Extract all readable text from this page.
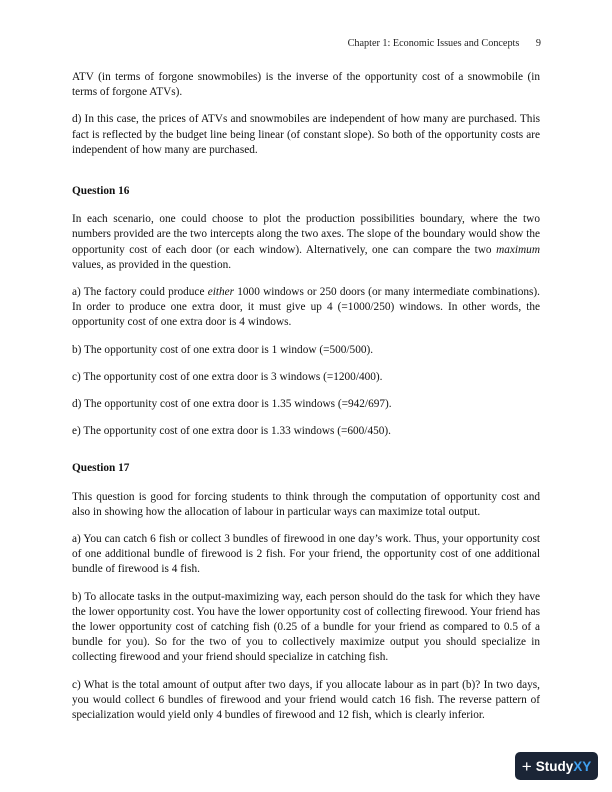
Chapter 1: Economic Issues and Concepts 9

ATV (in terms of forgone snowmobiles) is the inverse of the opportunity cost of a snowmobile (in terms of forgone ATVs).

d) In this case, the prices of ATVs and snowmobiles are independent of how many are purchased. This fact is reflected by the budget line being linear (of constant slope). So both of the opportunity costs are independent of how many are purchased.

Question 16

In each scenario, one could choose to plot the production possibilities boundary, where the two numbers provided are the two intercepts along the two axes. The slope of the boundary would show the opportunity cost of each door (or each window). Alternatively, one can compare the two maximum values, as provided in the question.

a) The factory could produce either 1000 windows or 250 doors (or many intermediate combinations). In order to produce one extra door, it must give up 4 (=1000/250) windows. In other words, the opportunity cost of one extra door is 4 windows.

b) The opportunity cost of one extra door is 1 window (=500/500).

c) The opportunity cost of one extra door is 3 windows (=1200/400).

d) The opportunity cost of one extra door is 1.35 windows (=942/697).

e) The opportunity cost of one extra door is 1.33 windows (=600/450).

Question 17

This question is good for forcing students to think through the computation of opportunity cost and also in showing how the allocation of labour in particular ways can maximize total output.

a) You can catch 6 fish or collect 3 bundles of firewood in one day’s work. Thus, your opportunity cost of one additional bundle of firewood is 2 fish. For your friend, the opportunity cost of one additional bundle of firewood is 4 fish.

b) To allocate tasks in the output-maximizing way, each person should do the task for which they have the lower opportunity cost. You have the lower opportunity cost of collecting firewood. Your friend has the lower opportunity cost of catching fish (0.25 of a bundle for your friend as compared to 0.5 of a bundle for you). So for the two of you to collectively maximize output you should specialize in collecting firewood and your friend should specialize in catching fish.

c) What is the total amount of output after two days, if you allocate labour as in part (b)? In two days, you would collect 6 bundles of firewood and your friend would catch 16 fish. The reverse pattern of specialization would yield only 4 bundles of firewood and 12 fish, which is clearly inferior.

+ Study XY
